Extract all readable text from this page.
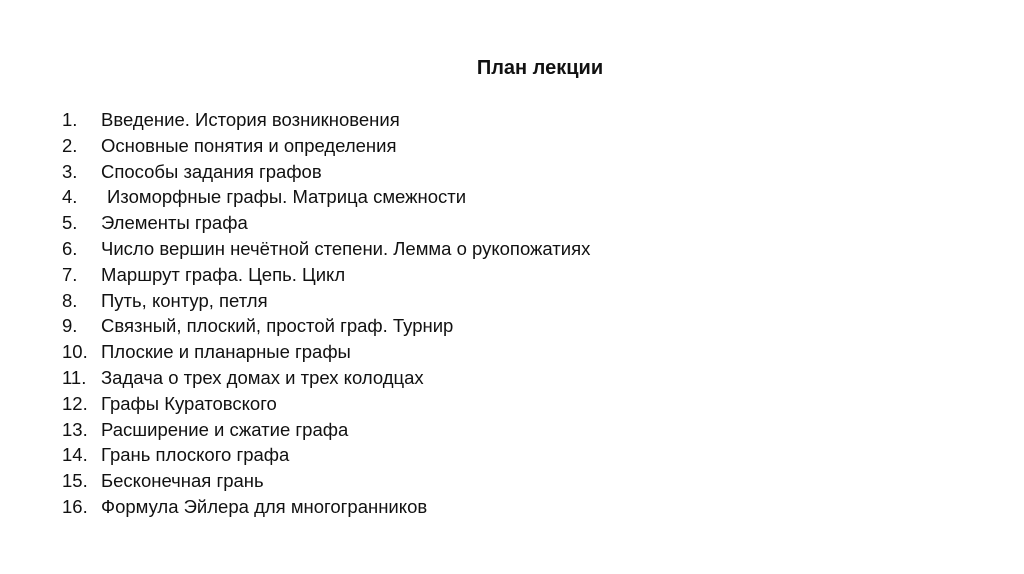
План лекции
1.	Введение. История возникновения
2.	Основные понятия и определения
3.	Способы задания графов
4.	Изоморфные графы. Матрица смежности
5.	Элементы графа
6.	Число вершин нечётной степени. Лемма о рукопожатиях
7.	Маршрут графа. Цепь. Цикл
8.	Путь, контур, петля
9.	Связный, плоский, простой граф. Турнир
10. Плоские и планарные графы
11. Задача о трех домах и трех колодцах
12. Графы Куратовского
13. Расширение и сжатие графа
14. Грань плоского графа
15. Бесконечная грань
16. Формула Эйлера для многогранников
